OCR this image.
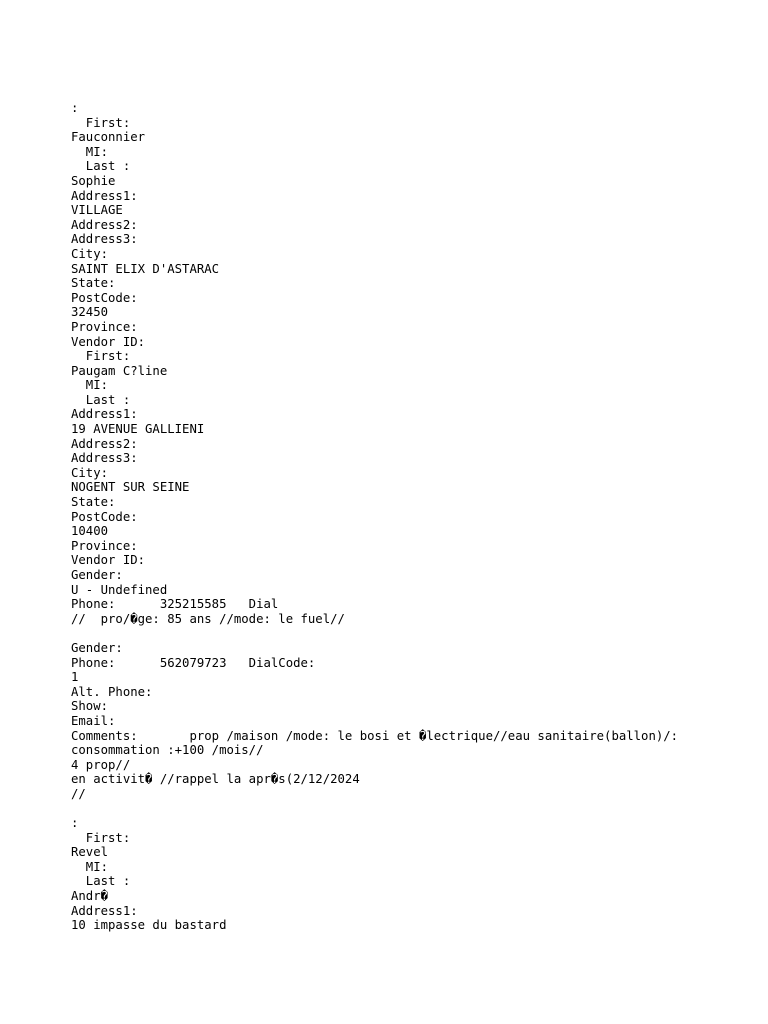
:
First:
Fauconnier
MI:
Last :
Sophie
Address1:
VILLAGE
Address2:
Address3:
City:
SAINT ELIX D'ASTARAC
State:
PostCode:
32450
Province:
Vendor ID:
First:
Paugam C?line
MI:
Last :
Address1:
19 AVENUE GALLIENI
Address2:
Address3:
City:
NOGENT SUR SEINE
State:
PostCode:
10400
Province:
Vendor ID:
Gender:
U - Undefined
Phone:      325215585   Dial
//  pro/�ge: 85 ans //mode: le fuel//
Gender:
Phone:      562079723   DialCode:
1
Alt. Phone:
Show:
Email:
Comments:       prop /maison /mode: le bosi et �lectrique//eau sanitaire(ballon)/:
consommation :+100 /mois//
4 prop//
en activit� //rappel la apr�s(2/12/2024
//
:
First:
Revel
MI:
Last :
Andr�
Address1:
10 impasse du bastard
